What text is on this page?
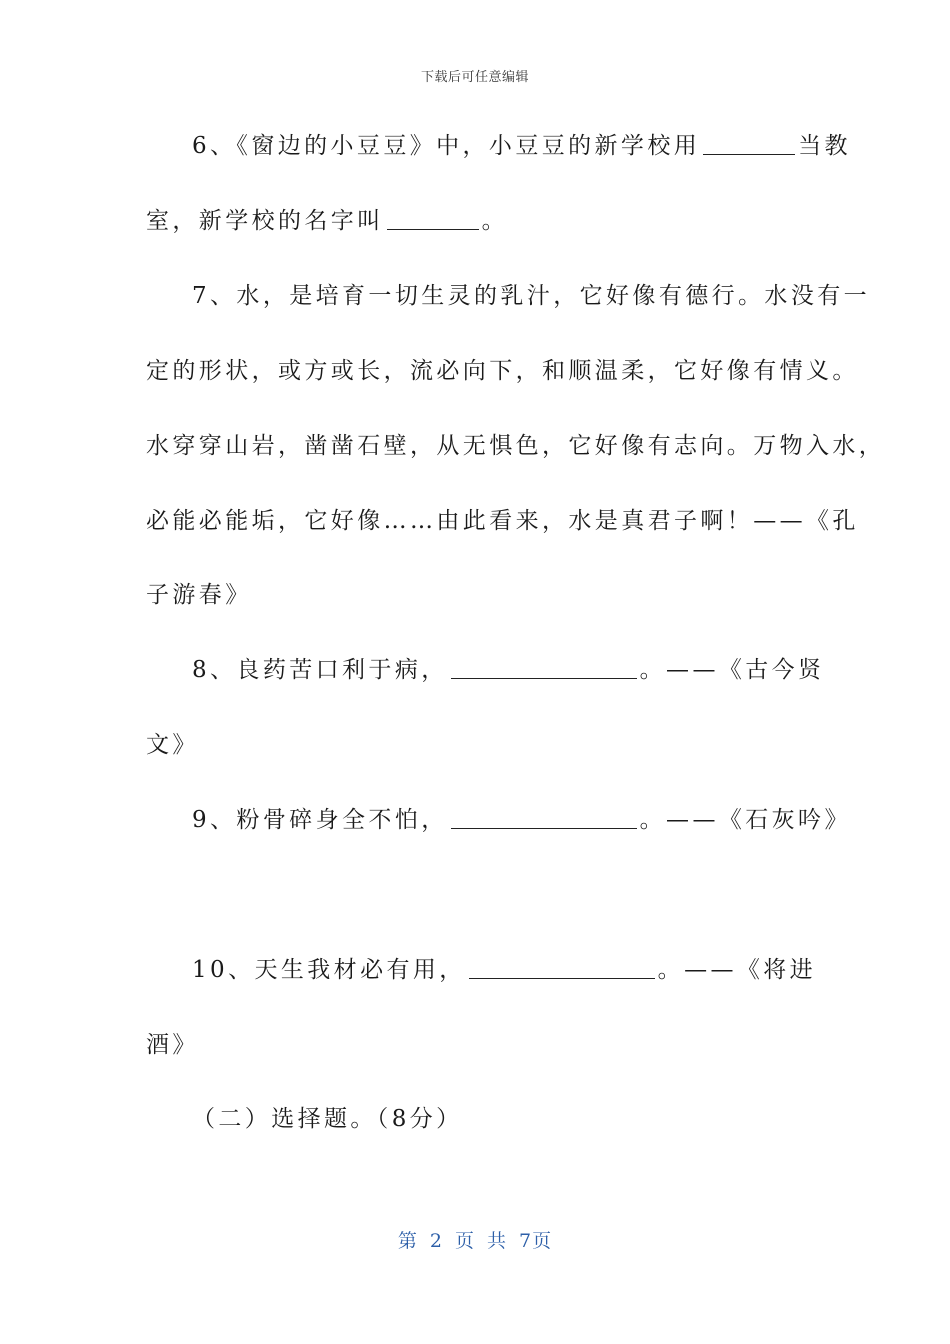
下载后可任意编辑
6、《窗边的小豆豆》中，小豆豆的新学校用	当教
室，新学校的名字叫	。
7、水，是培育一切生灵的乳汁，它好像有德行。水没有一
定的形状，或方或长，流必向下，和顺温柔，它好像有情义。
水穿穿山岩，凿凿石壁，从无惧色，它好像有志向。万物入水，
必能必能垢，它好像……由此看来，水是真君子啊！——《孔
子游春》
8、良药苦口利于病，	。——《古今贤
文》
9、粉骨碎身全不怕，	。——《石灰吟》
10、天生我材必有用，	。——《将进
酒》
（二）选择题。（8分）
第 2 页 共 7页
